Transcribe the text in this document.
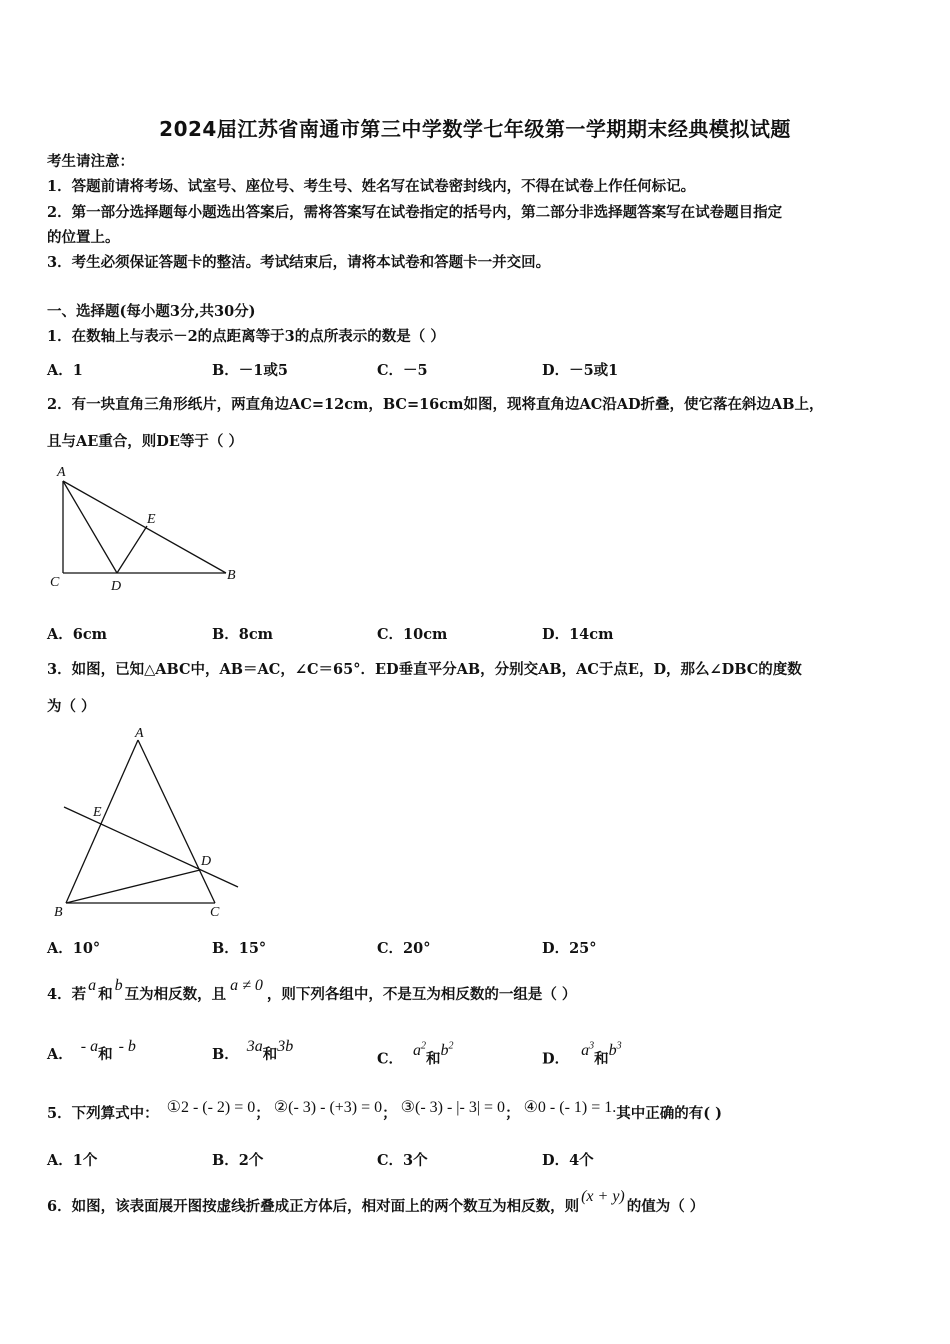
2024届江苏省南通市第三中学数学七年级第一学期期末经典模拟试题
考生请注意：
1．答题前请将考场、试室号、座位号、考生号、姓名写在试卷密封线内，不得在试卷上作任何标记。
2．第一部分选择题每小题选出答案后，需将答案写在试卷指定的括号内，第二部分非选择题答案写在试卷题目指定
的位置上。
3．考生必须保证答题卡的整洁。考试结束后，请将本试卷和答题卡一并交回。
一、选择题(每小题3分,共30分)
1．在数轴上与表示－2的点距离等于3的点所表示的数是（ ）
A．1	B．－1或5	C．－5	D．－5或1
2．有一块直角三角形纸片，两直角边AC=12cm，BC=16cm如图，现将直角边AC沿AD折叠，使它落在斜边AB上，
且与AE重合，则DE等于（ ）
A
E
C	D
B
A．6cm	B．8cm	C．10cm	D．14cm
3．如图，已知△ABC中，AB＝AC，∠C＝65°．ED垂直平分AB，分别交AB，AC于点E，D，那么∠DBC的度数
为（ ）
A
E
D
B	C
A．10°	B．15°	C．20°	D．25°
4．若a和b互为相反数，且a ≠ 0，则下列各组中，不是互为相反数的一组是（ ）
A． - a和 - b	B． 3a和3b
C． $a^2$和$b^2$
D． $a^3$和$b^3$
5．下列算式中： ①2 - (- 2) = 0； ②(- 3) - (+3) = 0； ③(- 3) - |- 3| = 0； ④0 - (- 1) = 1.其中正确的有( )
A．1个	B．2个	C．3个	D．4个
6．如图，该表面展开图按虚线折叠成正方体后，相对面上的两个数互为相反数，则(x + y)的值为（ ）
